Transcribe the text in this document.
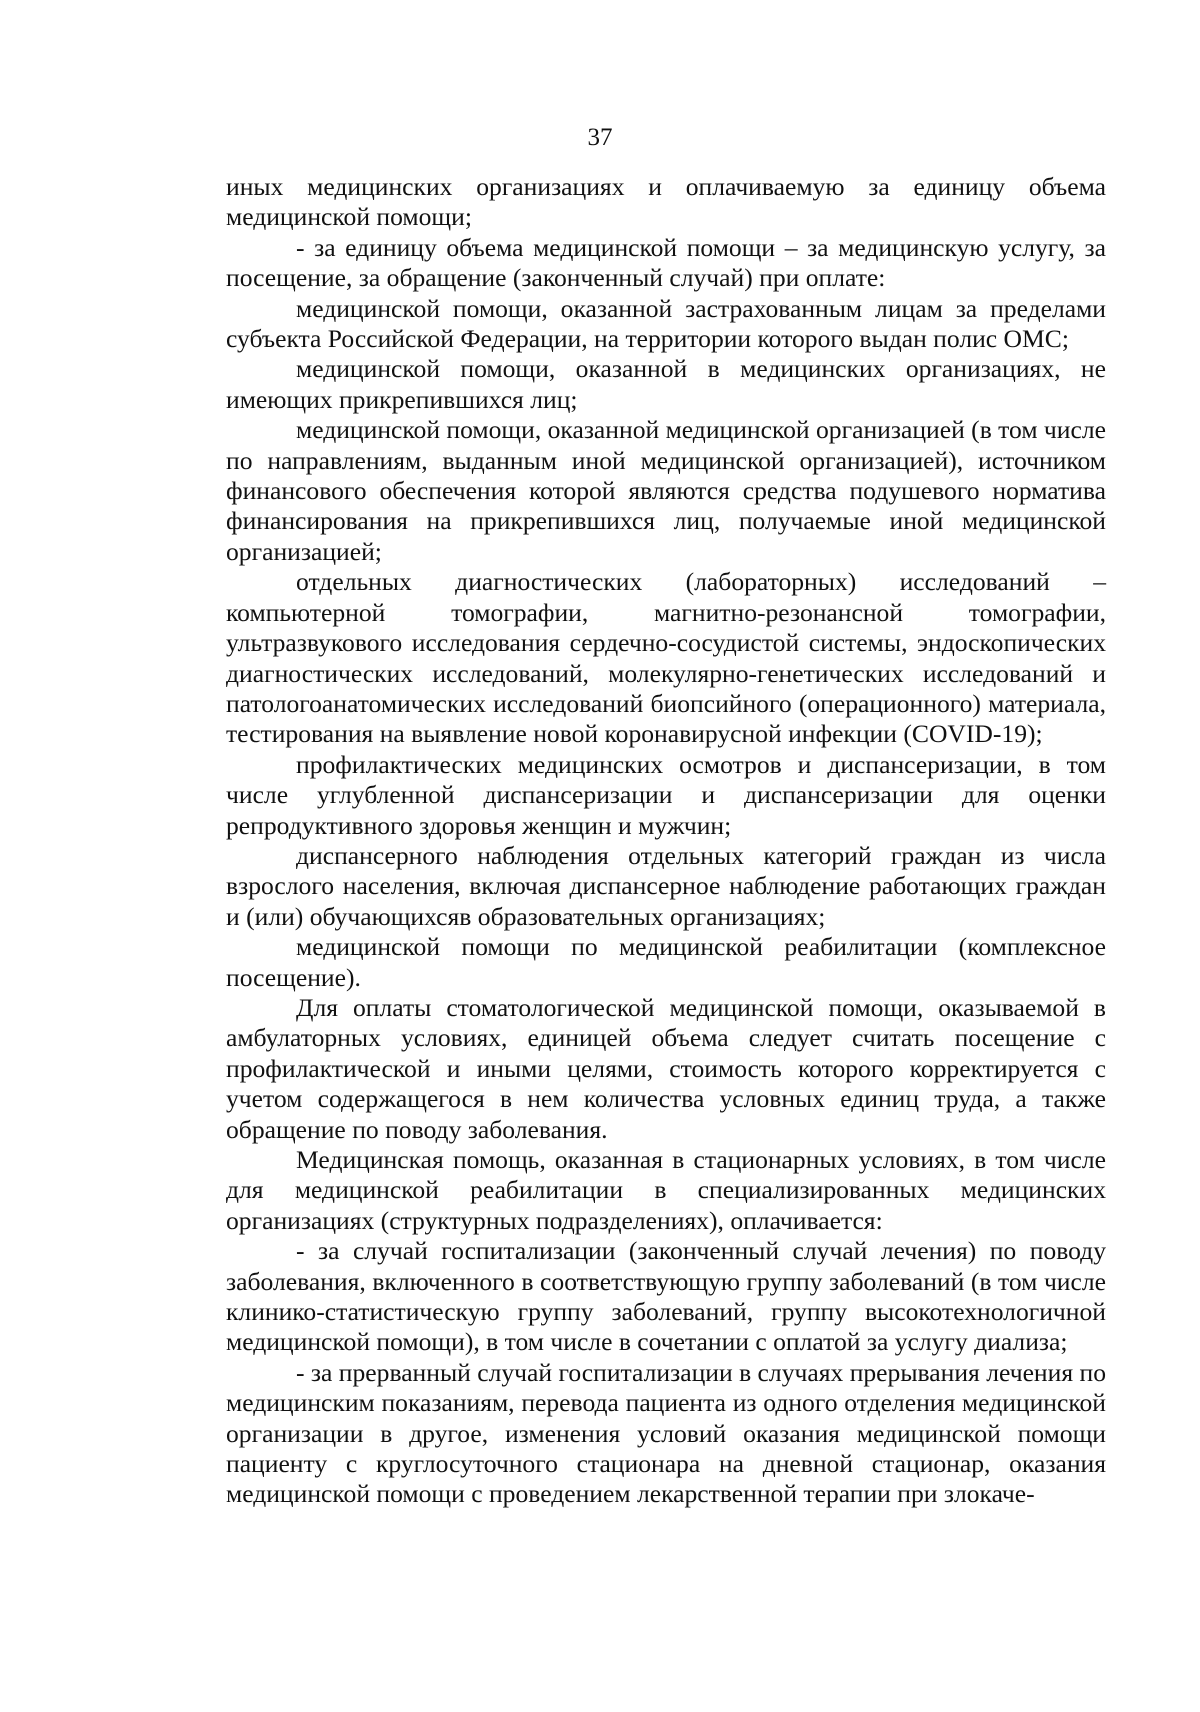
37

иных медицинских организациях и оплачиваемую за единицу объема медицинской помощи;

- за единицу объема медицинской помощи – за медицинскую услугу, за посещение, за обращение (законченный случай) при оплате:

медицинской помощи, оказанной застрахованным лицам за пределами субъекта Российской Федерации, на территории которого выдан полис ОМС;

медицинской помощи, оказанной в медицинских организациях, не имеющих прикрепившихся лиц;

медицинской помощи, оказанной медицинской организацией (в том числе по направлениям, выданным иной медицинской организацией), источником финансового обеспечения которой являются средства подушевого норматива финансирования на прикрепившихся лиц, получаемые иной медицинской организацией;

отдельных диагностических (лабораторных) исследований – компьютерной томографии, магнитно-резонансной томографии, ультразвукового исследования сердечно-сосудистой системы, эндоскопических диагностических исследований, молекулярно-генетических исследований и патологоанатомических исследований биопсийного (операционного) материала, тестирования на выявление новой коронавирусной инфекции (COVID-19);

профилактических медицинских осмотров и диспансеризации, в том числе углубленной диспансеризации и диспансеризации для оценки репродуктивного здоровья женщин и мужчин;

диспансерного наблюдения отдельных категорий граждан из числа взрослого населения, включая диспансерное наблюдение работающих граждан и (или) обучающихсяв образовательных организациях;

медицинской помощи по медицинской реабилитации (комплексное посещение).

Для оплаты стоматологической медицинской помощи, оказываемой в амбулаторных условиях, единицей объема следует считать посещение с профилактической и иными целями, стоимость которого корректируется с учетом содержащегося в нем количества условных единиц труда, а также обращение по поводу заболевания.

Медицинская помощь, оказанная в стационарных условиях, в том числе для медицинской реабилитации в специализированных медицинских организациях (структурных подразделениях), оплачивается:

- за случай госпитализации (законченный случай лечения) по поводу заболевания, включенного в соответствующую группу заболеваний (в том числе клинико-статистическую группу заболеваний, группу высокотехнологичной медицинской помощи), в том числе в сочетании с оплатой за услугу диализа;

- за прерванный случай госпитализации в случаях прерывания лечения по медицинским показаниям, перевода пациента из одного отделения медицинской организации в другое, изменения условий оказания медицинской помощи пациенту с круглосуточного стационара на дневной стационар, оказания медицинской помощи с проведением лекарственной терапии при злокаче-
